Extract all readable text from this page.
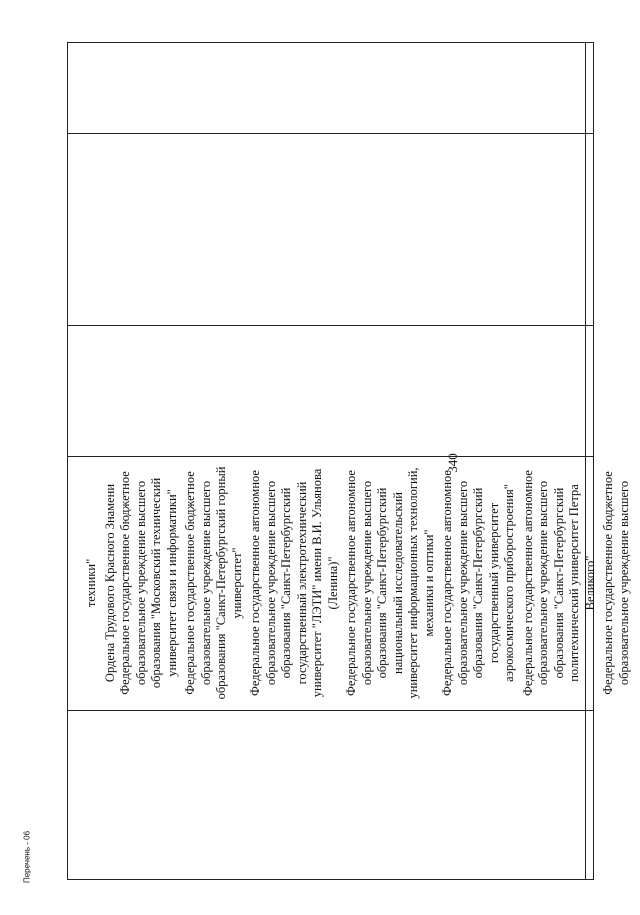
340
техники" Ордена Трудового Красного Знамени Федеральное государственное бюджетное образовательное учреждение высшего образования "Московский технический университет связи и информатики" Федеральное государственное бюджетное образовательное учреждение высшего образования "Санкт-Петербургский горный университет" Федеральное государственное автономное образовательное учреждение высшего образования "Санкт-Петербургский государственный электротехнический университет "ЛЭТИ" имени В.И. Ульянова (Ленина)" Федеральное государственное автономное образовательное учреждение высшего образования "Санкт-Петербургский национальный исследовательский университет информационных технологий, механики и оптики" Федеральное государственное автономное образовательное учреждение высшего образования "Санкт-Петербургский государственный университет аэрокосмического приборостроения" Федеральное государственное автономное образовательное учреждение высшего образования "Санкт-Петербургский политехнический университет Петра Великого" Федеральное государственное бюджетное образовательное учреждение высшего
Перечень - 06
